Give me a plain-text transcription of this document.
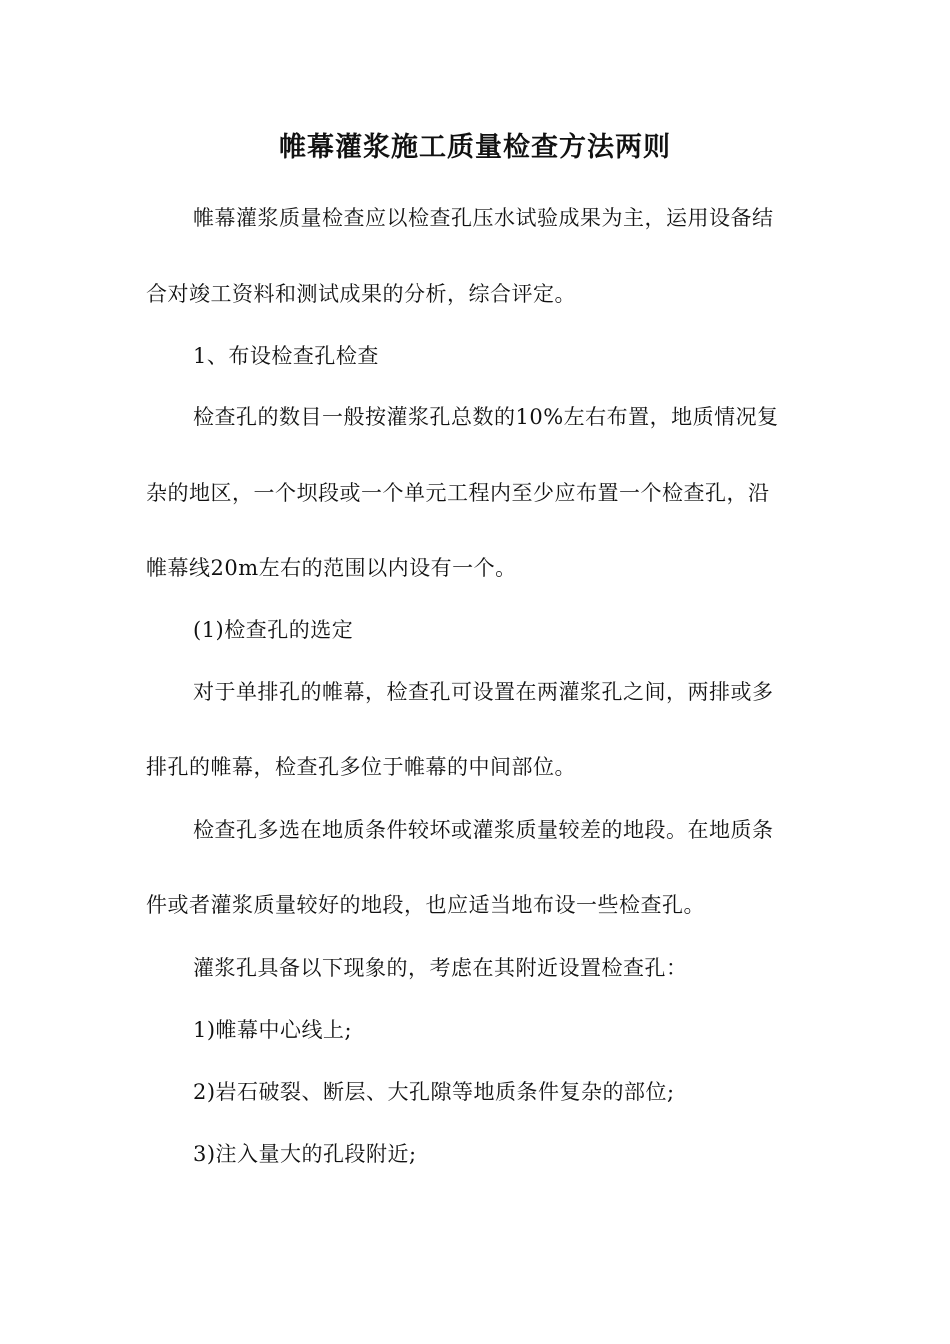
帷幕灌浆施工质量检查方法两则
帷幕灌浆质量检查应以检查孔压水试验成果为主，运用设备结
合对竣工资料和测试成果的分析，综合评定。
1、布设检查孔检查
检查孔的数目一般按灌浆孔总数的10%左右布置，地质情况复
杂的地区，一个坝段或一个单元工程内至少应布置一个检查孔，沿
帷幕线20m左右的范围以内设有一个。
(1)检查孔的选定
对于单排孔的帷幕，检查孔可设置在两灌浆孔之间，两排或多
排孔的帷幕，检查孔多位于帷幕的中间部位。
检查孔多选在地质条件较坏或灌浆质量较差的地段。在地质条
件或者灌浆质量较好的地段，也应适当地布设一些检查孔。
灌浆孔具备以下现象的，考虑在其附近设置检查孔：
1)帷幕中心线上;
2)岩石破裂、断层、大孔隙等地质条件复杂的部位;
3)注入量大的孔段附近;
